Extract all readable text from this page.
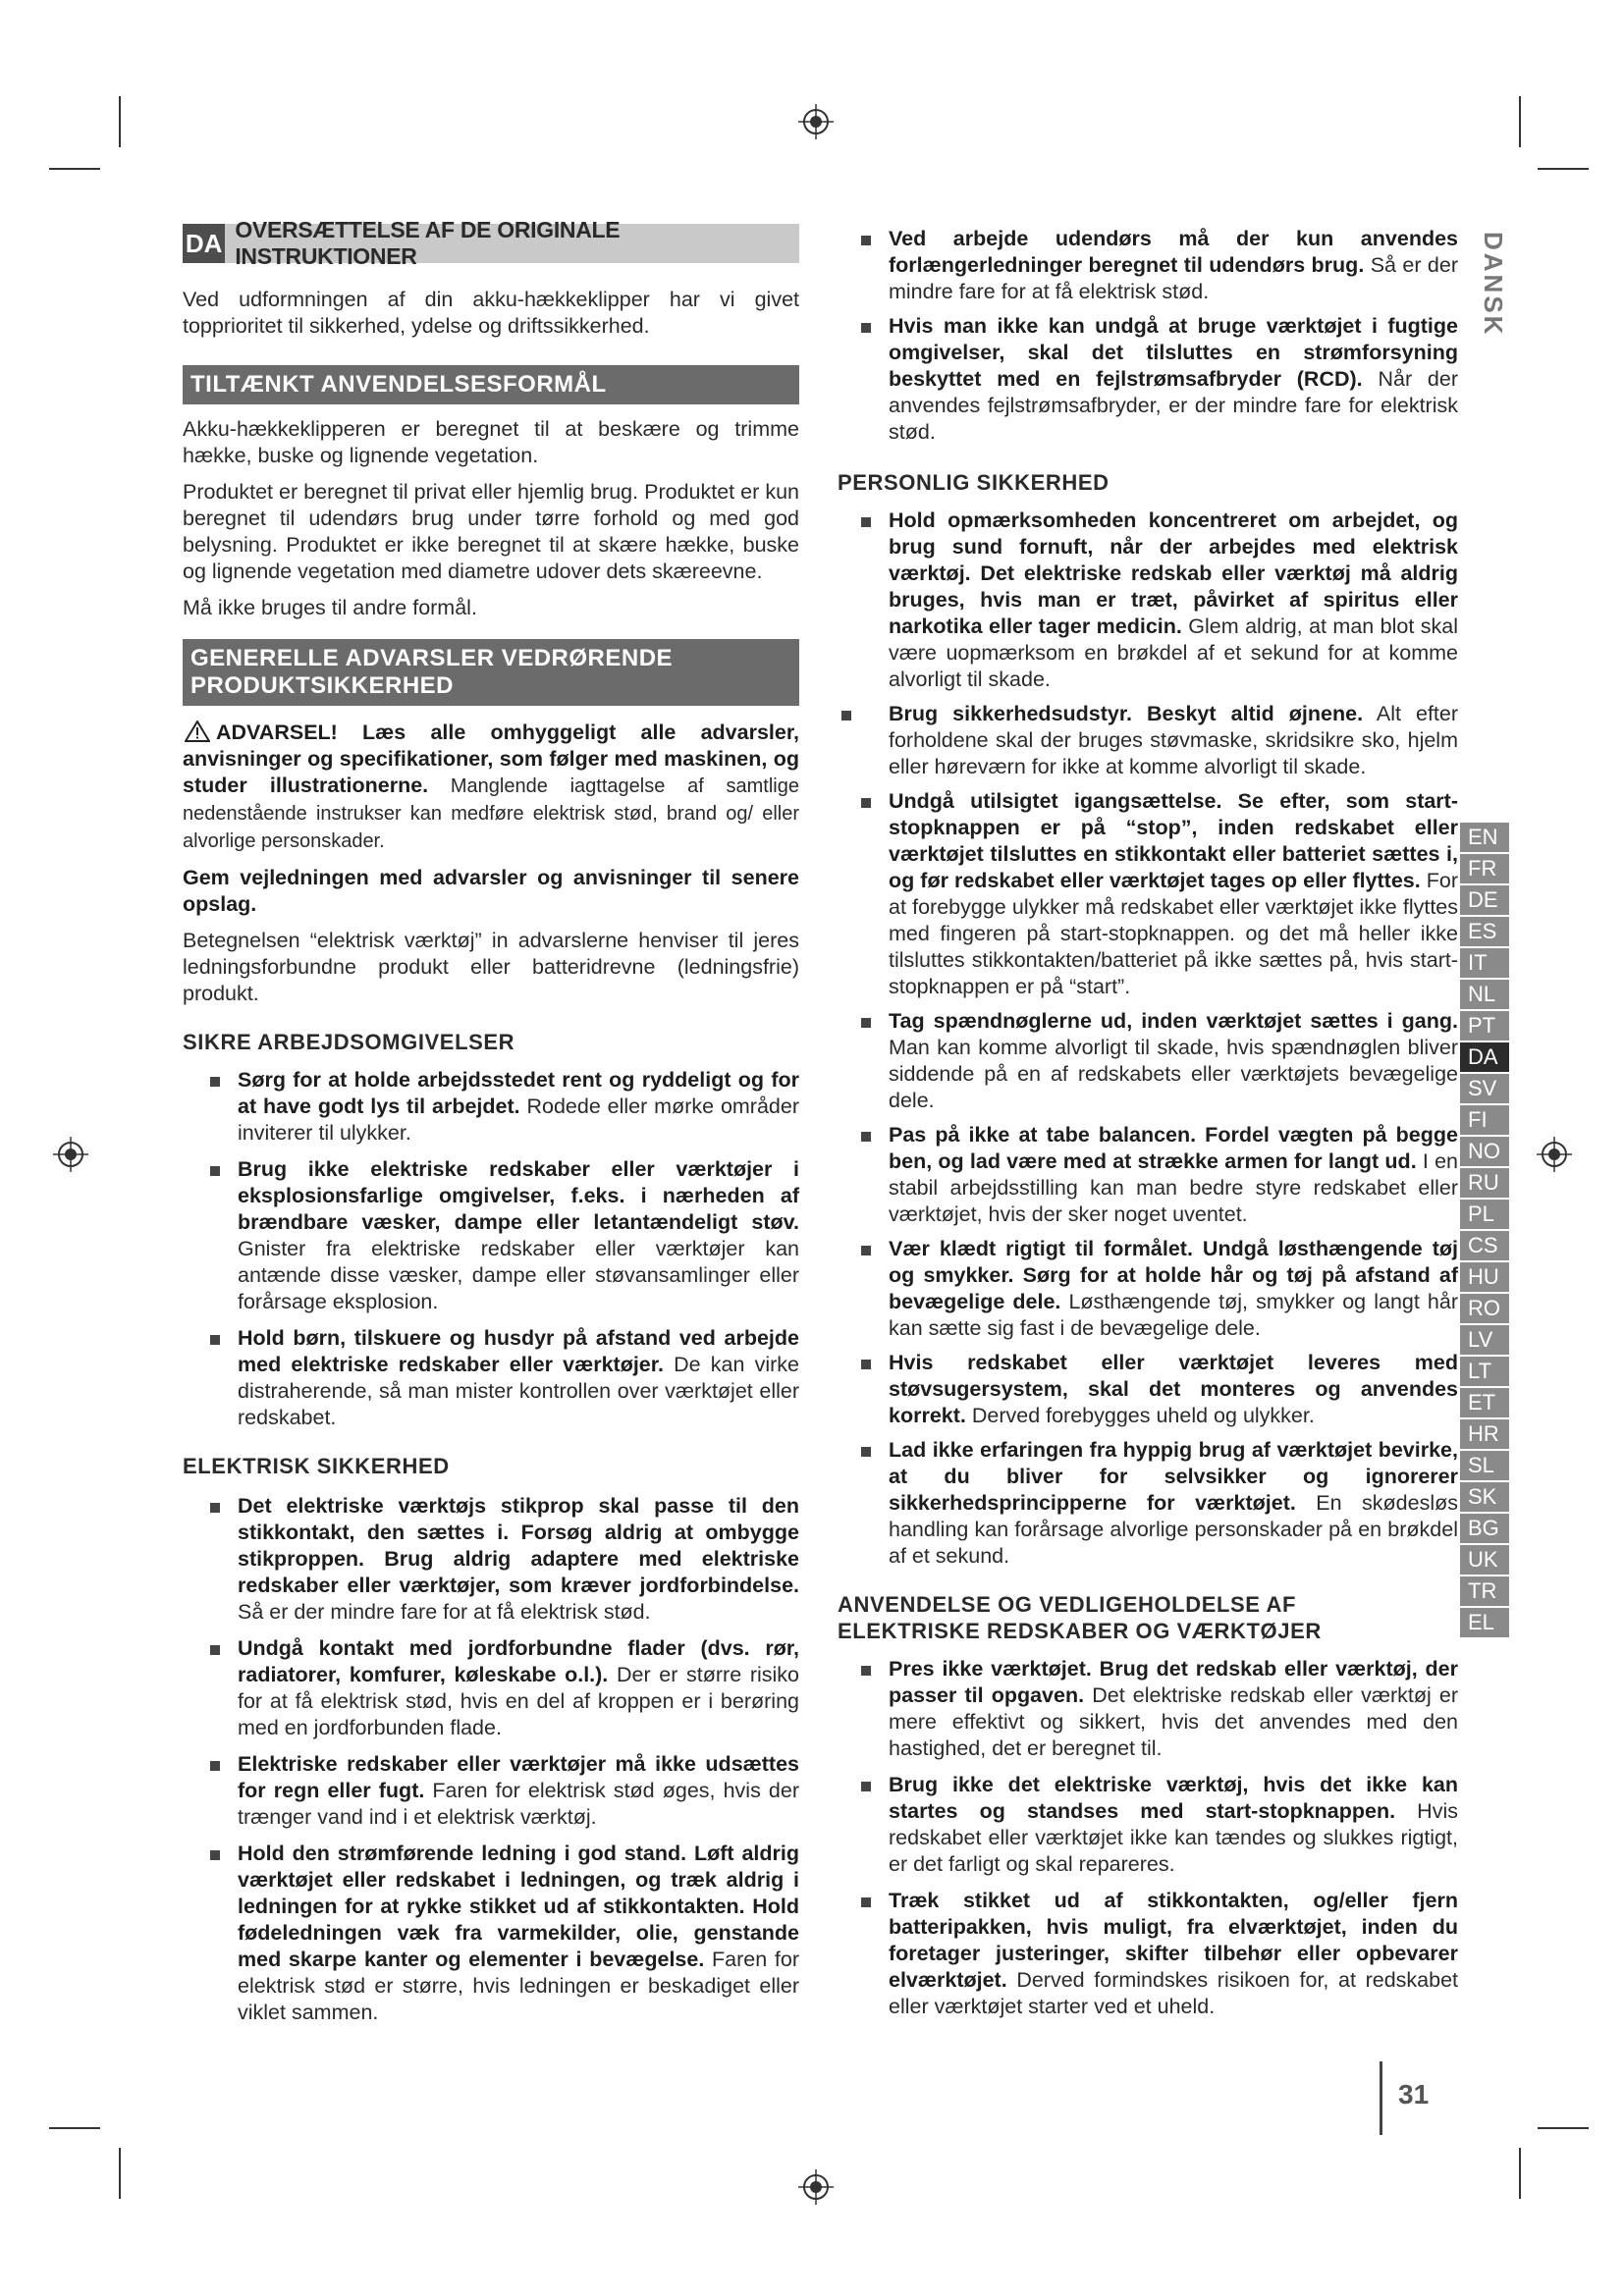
DA OVERSÆTTELSE AF DE ORIGINALE INSTRUKTIONER

Ved udformningen af din akku-hækkeklipper har vi givet topprioritet til sikkerhed, ydelse og driftssikkerhed.

TILTÆNKT ANVENDELSESFORMÅL

Akku-hækkeklipperen er beregnet til at beskære og trimme hække, buske og lignende vegetation.

Produktet er beregnet til privat eller hjemlig brug. Produktet er kun beregnet til udendørs brug under tørre forhold og med god belysning. Produktet er ikke beregnet til at skære hække, buske og lignende vegetation med diametre udover dets skæreevne.

Må ikke bruges til andre formål.

GENERELLE ADVARSLER VEDRØRENDE
PRODUKTSIKKERHED

ADVARSEL! Læs alle omhyggeligt alle advarsler, anvisninger og specifikationer, som følger med maskinen, og studer illustrationerne. Manglende iagttagelse af samtlige nedenstående instrukser kan medføre elektrisk stød, brand og/ eller alvorlige personskader.

Gem vejledningen med advarsler og anvisninger til senere opslag.

Betegnelsen “elektrisk værktøj” in advarslerne henviser til jeres ledningsforbundne produkt eller batteridrevne (ledningsfrie) produkt.

SIKRE ARBEJDSOMGIVELSER
Sørg for at holde arbejdsstedet rent og ryddeligt og for at have godt lys til arbejdet. Rodede eller mørke områder inviterer til ulykker.
Brug ikke elektriske redskaber eller værktøjer i eksplosionsfarlige omgivelser, f.eks. i nærheden af brændbare væsker, dampe eller letantændeligt støv. Gnister fra elektriske redskaber eller værktøjer kan antænde disse væsker, dampe eller støvansamlinger eller forårsage eksplosion.
Hold børn, tilskuere og husdyr på afstand ved arbejde med elektriske redskaber eller værktøjer. De kan virke distraherende, så man mister kontrollen over værktøjet eller redskabet.
ELEKTRISK SIKKERHED
Det elektriske værktøjs stikprop skal passe til den stikkontakt, den sættes i. Forsøg aldrig at ombygge stikproppen. Brug aldrig adaptere med elektriske redskaber eller værktøjer, som kræver jordforbindelse. Så er der mindre fare for at få elektrisk stød.
Undgå kontakt med jordforbundne flader (dvs. rør, radiatorer, komfurer, køleskabe o.l.). Der er større risiko for at få elektrisk stød, hvis en del af kroppen er i berøring med en jordforbunden flade.
Elektriske redskaber eller værktøjer må ikke udsættes for regn eller fugt. Faren for elektrisk stød øges, hvis der trænger vand ind i et elektrisk værktøj.
Hold den strømførende ledning i god stand. Løft aldrig værktøjet eller redskabet i ledningen, og træk aldrig i ledningen for at rykke stikket ud af stikkontakten. Hold fødeledningen væk fra varmekilder, olie, genstande med skarpe kanter og elementer i bevægelse. Faren for elektrisk stød er større, hvis ledningen er beskadiget eller viklet sammen.
Ved arbejde udendørs må der kun anvendes forlængerledninger beregnet til udendørs brug. Så er der mindre fare for at få elektrisk stød.
Hvis man ikke kan undgå at bruge værktøjet i fugtige omgivelser, skal det tilsluttes en strømforsyning beskyttet med en fejlstrømsafbryder (RCD). Når der anvendes fejlstrømsafbryder, er der mindre fare for elektrisk stød.
PERSONLIG SIKKERHED
Hold opmærksomheden koncentreret om arbejdet, og brug sund fornuft, når der arbejdes med elektrisk værktøj. Det elektriske redskab eller værktøj må aldrig bruges, hvis man er træt, påvirket af spiritus eller narkotika eller tager medicin. Glem aldrig, at man blot skal være uopmærksom en brøkdel af et sekund for at komme alvorligt til skade.
Brug sikkerhedsudstyr. Beskyt altid øjnene. Alt efter forholdene skal der bruges støvmaske, skridsikre sko, hjelm eller høreværn for ikke at komme alvorligt til skade.
Undgå utilsigtet igangsættelse. Se efter, som start-stopknappen er på “stop”, inden redskabet eller værktøjet tilsluttes en stikkontakt eller batteriet sættes i, og før redskabet eller værktøjet tages op eller flyttes. For at forebygge ulykker må redskabet eller værktøjet ikke flyttes med fingeren på start-stopknappen. og det må heller ikke tilsluttes stikkontakten/batteriet på ikke sættes på, hvis start-stopknappen er på “start”.
Tag spændnøglerne ud, inden værktøjet sættes i gang. Man kan komme alvorligt til skade, hvis spændnøglen bliver siddende på en af redskabets eller værktøjets bevægelige dele.
Pas på ikke at tabe balancen. Fordel vægten på begge ben, og lad være med at strække armen for langt ud. I en stabil arbejdsstilling kan man bedre styre redskabet eller værktøjet, hvis der sker noget uventet.
Vær klædt rigtigt til formålet. Undgå løsthængende tøj og smykker. Sørg for at holde hår og tøj på afstand af bevægelige dele. Løsthængende tøj, smykker og langt hår kan sætte sig fast i de bevægelige dele.
Hvis redskabet eller værktøjet leveres med støvsugersystem, skal det monteres og anvendes korrekt. Derved forebygges uheld og ulykker.
Lad ikke erfaringen fra hyppig brug af værktøjet bevirke, at du bliver for selvsikker og ignorerer sikkerhedsprincipperne for værktøjet. En skødesløs handling kan forårsage alvorlige personskader på en brøkdel af et sekund.
ANVENDELSE OG VEDLIGEHOLDELSE AF
ELEKTRISKE REDSKABER OG VÆRKTØJER
Pres ikke værktøjet. Brug det redskab eller værktøj, der passer til opgaven. Det elektriske redskab eller værktøj er mere effektivt og sikkert, hvis det anvendes med den hastighed, det er beregnet til.
Brug ikke det elektriske værktøj, hvis det ikke kan startes og standses med start-stopknappen. Hvis redskabet eller værktøjet ikke kan tændes og slukkes rigtigt, er det farligt og skal repareres.
Træk stikket ud af stikkontakten, og/eller fjern batteripakken, hvis muligt, fra elværktøjet, inden du foretager justeringer, skifter tilbehør eller opbevarer elværktøjet. Derved formindskes risikoen for, at redskabet eller værktøjet starter ved et uheld.
DANSK
EN
FR
DE
ES
IT
NL
PT
DA
SV
FI
NO
RU
PL
CS
HU
RO
LV
LT
ET
HR
SL
SK
BG
UK
TR
EL
31
